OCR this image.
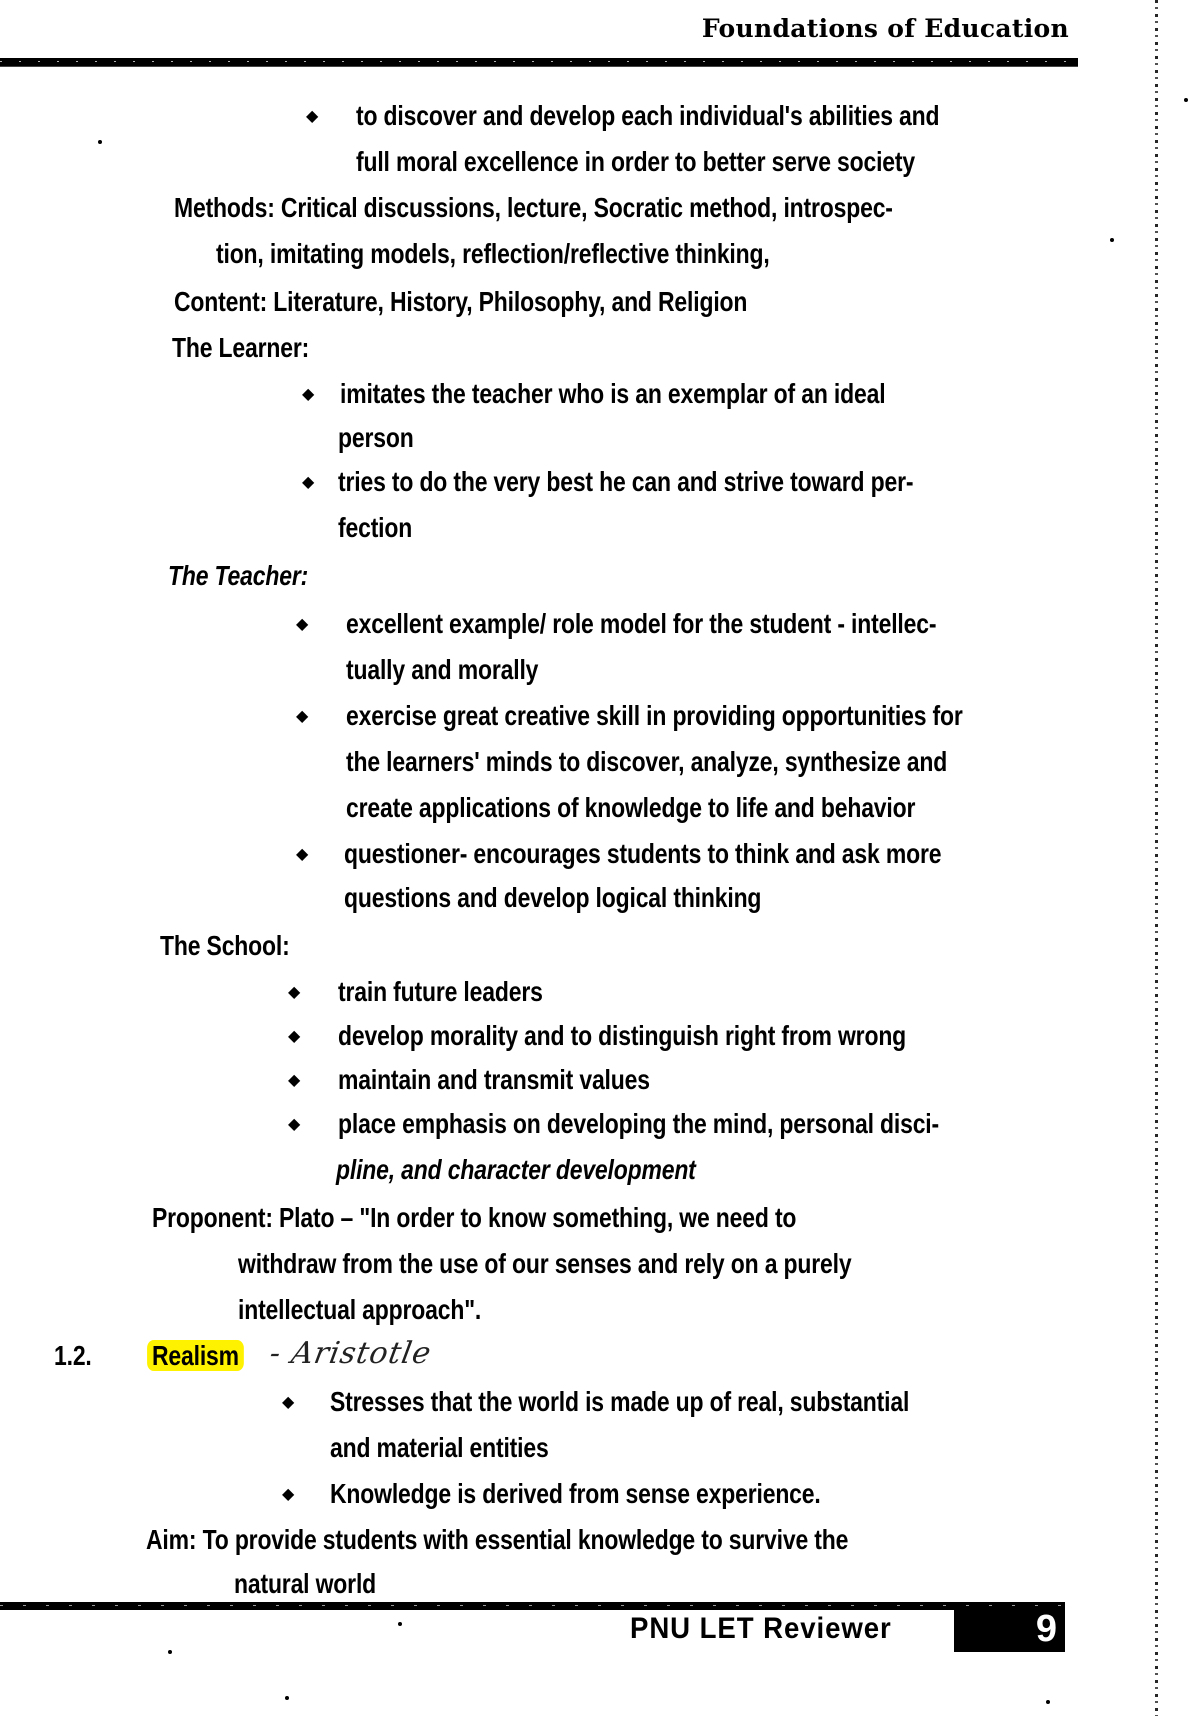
Foundations of Education
◆ to discover and develop each individual's abilities and
full moral excellence in order to better serve society
Methods: Critical discussions, lecture, Socratic method, introspec-
tion, imitating models, reflection/reflective thinking,
Content: Literature, History, Philosophy, and Religion
The Learner:
◆ imitates the teacher who is an exemplar of an ideal
person
◆ tries to do the very best he can and strive toward per-
fection
The Teacher:
◆ excellent example/ role model for the student - intellec-
tually and morally
◆ exercise great creative skill in providing opportunities for
the learners' minds to discover, analyze, synthesize and
create applications of knowledge to life and behavior
◆ questioner- encourages students to think and ask more
questions and develop logical thinking
The School:
◆ train future leaders
◆ develop morality and to distinguish right from wrong
◆ maintain and transmit values
◆ place emphasis on developing the mind, personal disci-
pline, and character development
Proponent: Plato – "In order to know something, we need to
withdraw from the use of our senses and rely on a purely
intellectual approach".
1.2. Realism - Aristotle
◆ Stresses that the world is made up of real, substantial
and material entities
◆ Knowledge is derived from sense experience.
Aim: To provide students with essential knowledge to survive the
natural world
PNU LET Reviewer	9
